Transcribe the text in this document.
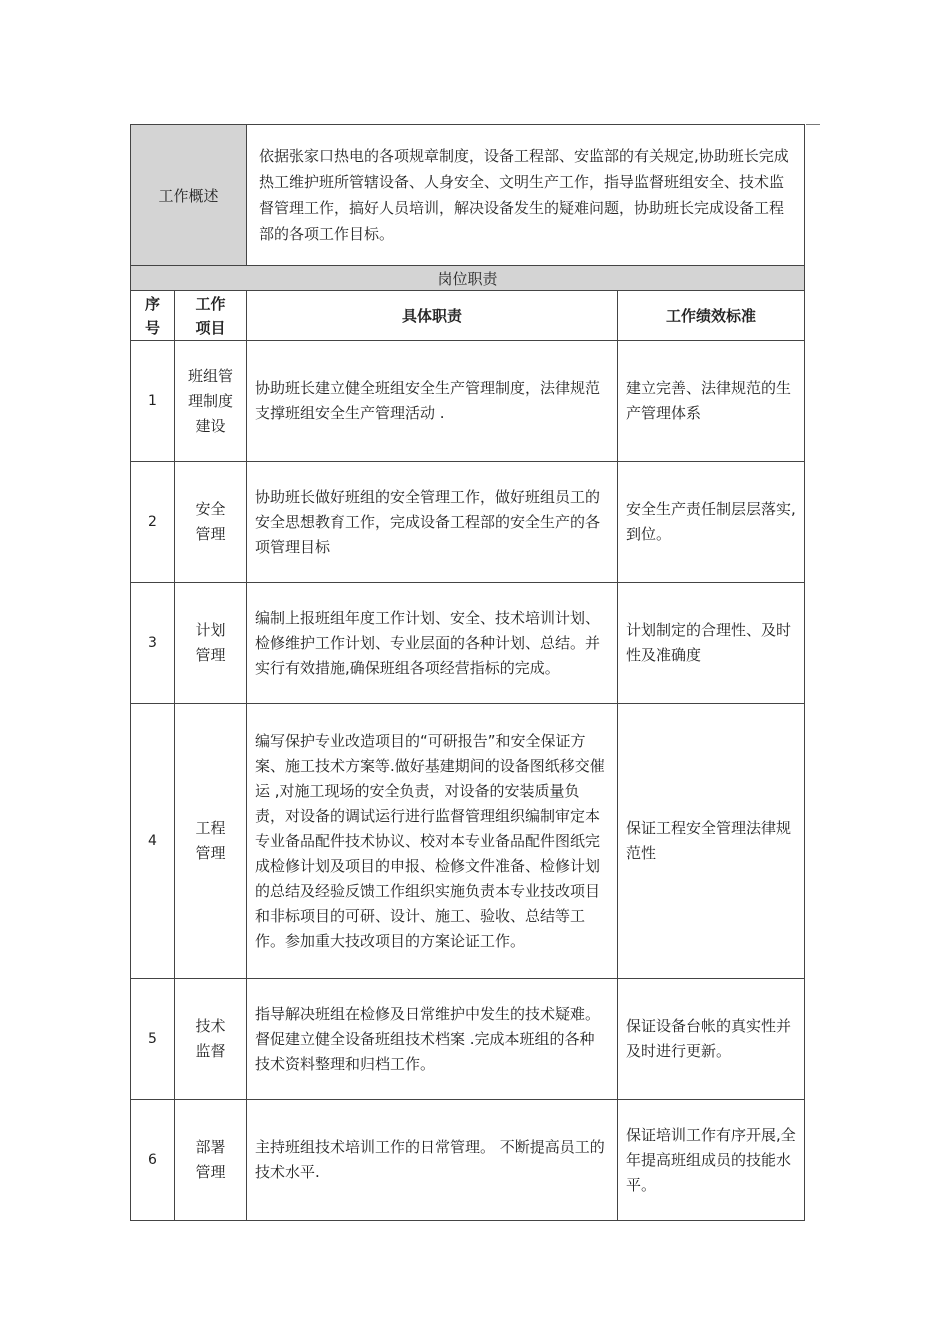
工作概述		依据张家口热电的各项规章制度，设备工程部、安监部的有关规定,协助班长完成热工维护班所管辖设备、人身安全、文明生产工作，指导监督班组安全、技术监督管理工作，搞好人员培训，解决设备发生的疑难问题，协助班长完成设备工程部的各项工作目标。	
岗位职责			

序号	工作项目	具体职责	工作绩效标准
1	班组管理制度建设	协助班长建立健全班组安全生产管理制度，法律规范支撑班组安全生产管理活动 .	建立完善、法律规范的生产管理体系
2	安全管理	协助班长做好班组的安全管理工作，做好班组员工的安全思想教育工作，完成设备工程部的安全生产的各项管理目标	安全生产责任制层层落实,到位。
3	计划管理	编制上报班组年度工作计划、安全、技术培训计划、检修维护工作计划、专业层面的各种计划、总结。并实行有效措施,确保班组各项经营指标的完成。	计划制定的合理性、及时性及准确度
4	工程管理	编写保护专业改造项目的“可研报告”和安全保证方案、施工技术方案等.做好基建期间的设备图纸移交催运 ,对施工现场的安全负责，对设备的安装质量负责，对设备的调试运行进行监督管理组织编制审定本专业备品配件技术协议、校对本专业备品配件图纸完成检修计划及项目的申报、检修文件准备、检修计划的总结及经验反馈工作组织实施负责本专业技改项目和非标项目的可研、设计、施工、验收、总结等工作。参加重大技改项目的方案论证工作。	保证工程安全管理法律规范性
5	技术监督	指导解决班组在检修及日常维护中发生的技术疑难。督促建立健全设备班组技术档案 .完成本班组的各种技术资料整理和归档工作。	保证设备台帐的真实性并及时进行更新。
6	部署管理	主持班组技术培训工作的日常管理。 不断提高员工的技术水平.	保证培训工作有序开展,全年提高班组成员的技能水平。
